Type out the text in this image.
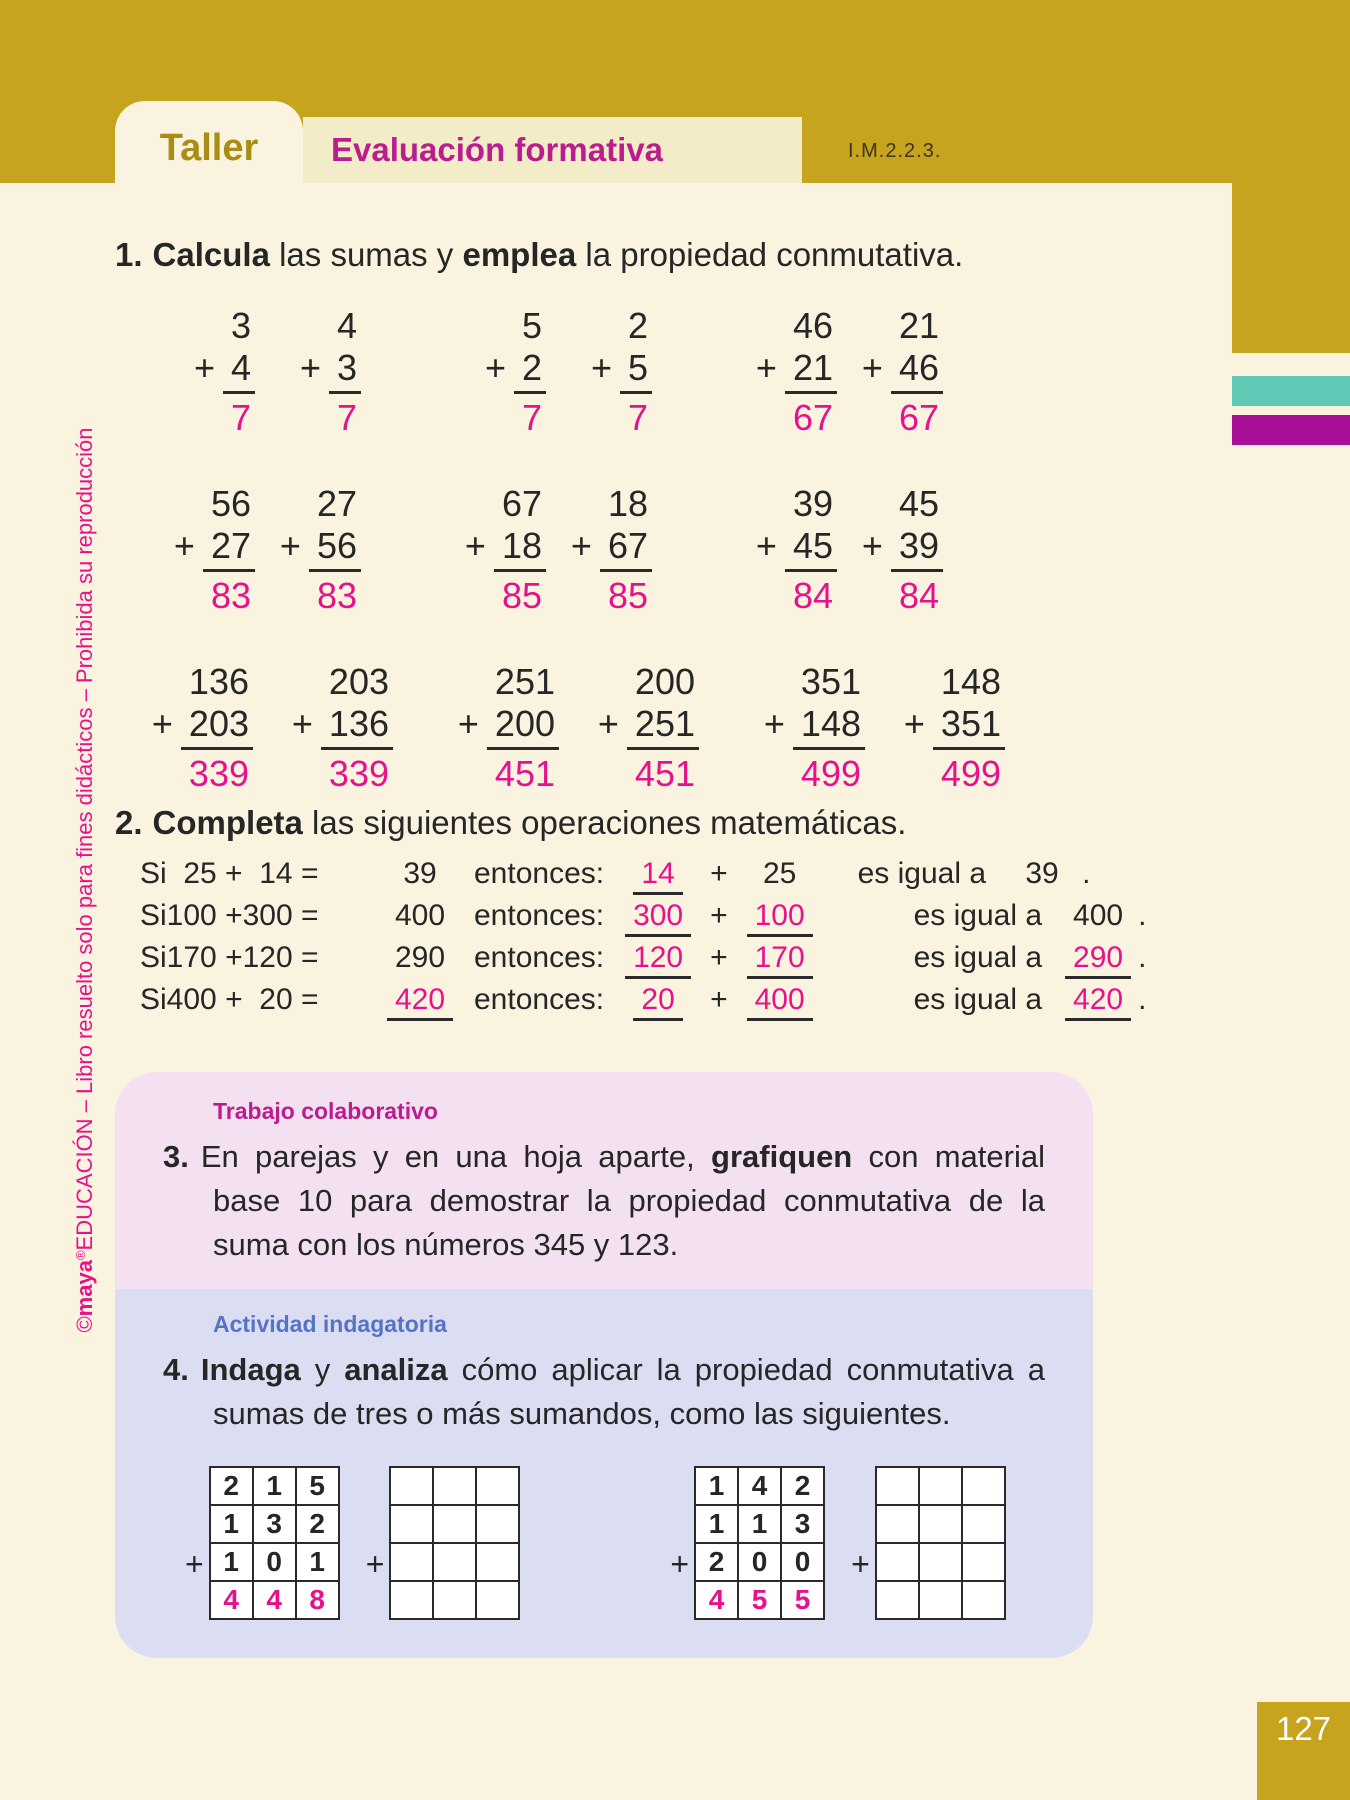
Taller	Evaluación formativa	I.M.2.2.3.
©maya®EDUCACIÓN – Libro resuelto solo para fines didácticos – Prohibida su reproducción
1. Calcula las sumas y emplea la propiedad conmutativa.
3
+ 4
7
4
+ 3
7
5
+ 2
7
2
+ 5
7
46
+ 21
67
21
+ 46
67
56
+ 27
83
27
+ 56
83
67
+ 18
85
18
+ 67
85
39
+ 45
84
45
+ 39
84
136
+ 203
339
203
+ 136
339
251
+ 200
451
200
+ 251
451
351
+ 148
499
148
+ 351
499
2. Completa las siguientes operaciones matemáticas.
Si  25 +  14 =	39	entonces:	14	+	25	es igual a	39 .
Si100 +300 =	400 entonces: 300 + 100	es igual a	400 .
Si170 +120 =	290 entonces: 120 + 170	es igual a	290 .
Si400 +  20 =	420 entonces:	20	+ 400	es igual a	420 .
Trabajo colaborativo
3. En parejas y en una hoja aparte, grafiquen con material base 10 para demostrar la propiedad conmutativa de la suma con los números 345 y 123.
Actividad indagatoria
4. Indaga y analiza cómo aplicar la propiedad conmutativa a sumas de tres o más sumandos, como las siguientes.
+
2	1	5
1	3	2
1	0	1
4	4	8
+

			+
1	4	2
1	1	3
2	0	0
4	5	5
+

127
